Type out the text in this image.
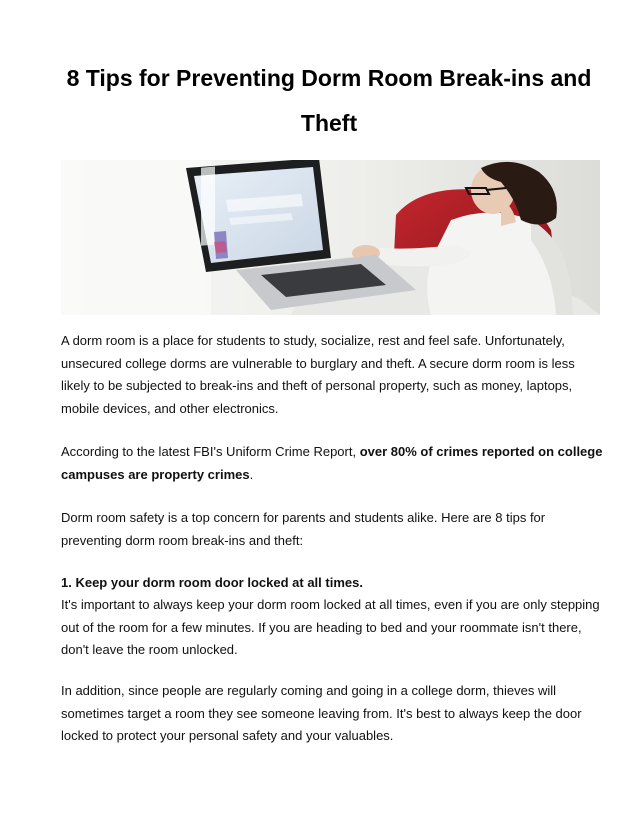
8 Tips for Preventing Dorm Room Break-ins and Theft

A dorm room is a place for students to study, socialize, rest and feel safe. Unfortunately, unsecured college dorms are vulnerable to burglary and theft. A secure dorm room is less likely to be subjected to break-ins and theft of personal property, such as money, laptops, mobile devices, and other electronics.

According to the latest FBI's Uniform Crime Report, over 80% of crimes reported on college campuses are property crimes.

Dorm room safety is a top concern for parents and students alike. Here are 8 tips for preventing dorm room break-ins and theft:

1. Keep your dorm room door locked at all times.

It's important to always keep your dorm room locked at all times, even if you are only stepping out of the room for a few minutes. If you are heading to bed and your roommate isn't there, don't leave the room unlocked.

In addition, since people are regularly coming and going in a college dorm, thieves will sometimes target a room they see someone leaving from. It's best to always keep the door locked to protect your personal safety and your valuables.
